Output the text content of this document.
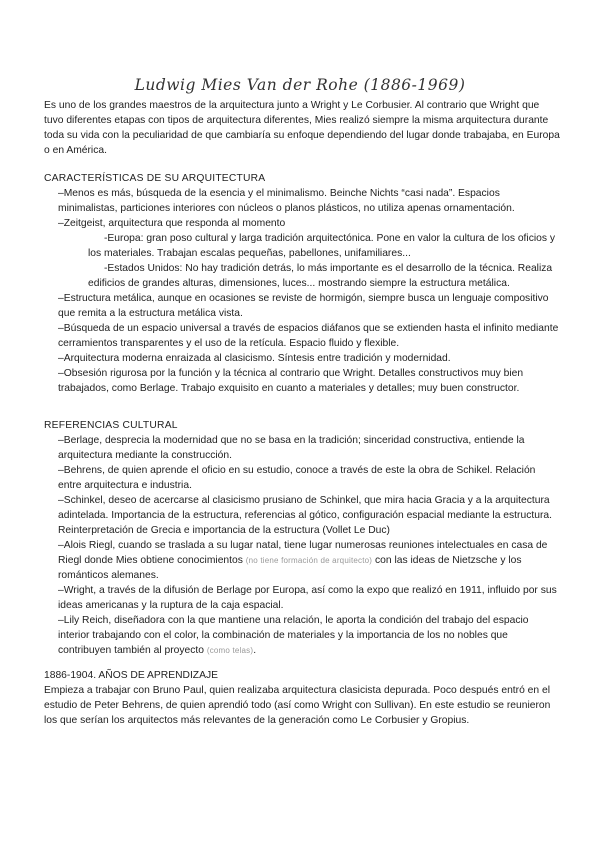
Ludwig Mies Van der Rohe (1886-1969)

Es uno de los grandes maestros de la arquitectura junto a Wright y Le Corbusier. Al contrario que Wright que tuvo diferentes etapas con tipos de arquitectura diferentes, Mies realizó siempre la misma arquitectura durante toda su vida con la peculiaridad de que cambiaría su enfoque dependiendo del lugar donde trabajaba, en Europa o en América.

CARACTERÍSTICAS DE SU ARQUITECTURA

–Menos es más, búsqueda de la esencia y el minimalismo. Beinche Nichts “casi nada”. Espacios minimalistas, particiones interiores con núcleos o planos plásticos, no utiliza apenas ornamentación.

–Zeitgeist, arquitectura que responda al momento

-Europa: gran poso cultural y larga tradición arquitectónica. Pone en valor la cultura de los oficios y los materiales. Trabajan escalas pequeñas, pabellones, unifamiliares...

-Estados Unidos: No hay tradición detrás, lo más importante es el desarrollo de la técnica. Realiza edificios de grandes alturas, dimensiones, luces... mostrando siempre la estructura metálica.

–Estructura metálica, aunque en ocasiones se reviste de hormigón, siempre busca un lenguaje compositivo que remita a la estructura metálica vista.

–Búsqueda de un espacio universal a través de espacios diáfanos que se extienden hasta el infinito mediante cerramientos transparentes y el uso de la retícula. Espacio fluido y flexible.

–Arquitectura moderna enraizada al clasicismo. Síntesis entre tradición y modernidad.

–Obsesión rigurosa por la función y la técnica al contrario que Wright. Detalles constructivos muy bien trabajados, como Berlage. Trabajo exquisito en cuanto a materiales y detalles; muy buen constructor.

REFERENCIAS CULTURAL

–Berlage, desprecia la modernidad que no se basa en la tradición; sinceridad constructiva, entiende la arquitectura mediante la construcción.

–Behrens, de quien aprende el oficio en su estudio, conoce a través de este la obra de Schikel. Relación entre arquitectura e industria.

–Schinkel, deseo de acercarse al clasicismo prusiano de Schinkel, que mira hacia Gracia y a la arquitectura adintelada. Importancia de la estructura, referencias al gótico, configuración espacial mediante la estructura. Reinterpretación de Grecia e importancia de la estructura (Vollet Le Duc)

–Alois Riegl, cuando se traslada a su lugar natal, tiene lugar numerosas reuniones intelectuales en casa de Riegl donde Mies obtiene conocimientos (no tiene formación de arquitecto) con las ideas de Nietzsche y los románticos alemanes.

–Wright, a través de la difusión de Berlage por Europa, así como la expo que realizó en 1911, influido por sus ideas americanas y la ruptura de la caja espacial.

–Lily Reich, diseñadora con la que mantiene una relación, le aporta la condición del trabajo del espacio interior trabajando con el color, la combinación de materiales y la importancia de los no nobles que contribuyen también al proyecto (como telas).

1886-1904. AÑOS DE APRENDIZAJE

Empieza a trabajar con Bruno Paul, quien realizaba arquitectura clasicista depurada. Poco después entró en el estudio de Peter Behrens, de quien aprendió todo (así como Wright con Sullivan). En este estudio se reunieron los que serían los arquitectos más relevantes de la generación como Le Corbusier y Gropius.
